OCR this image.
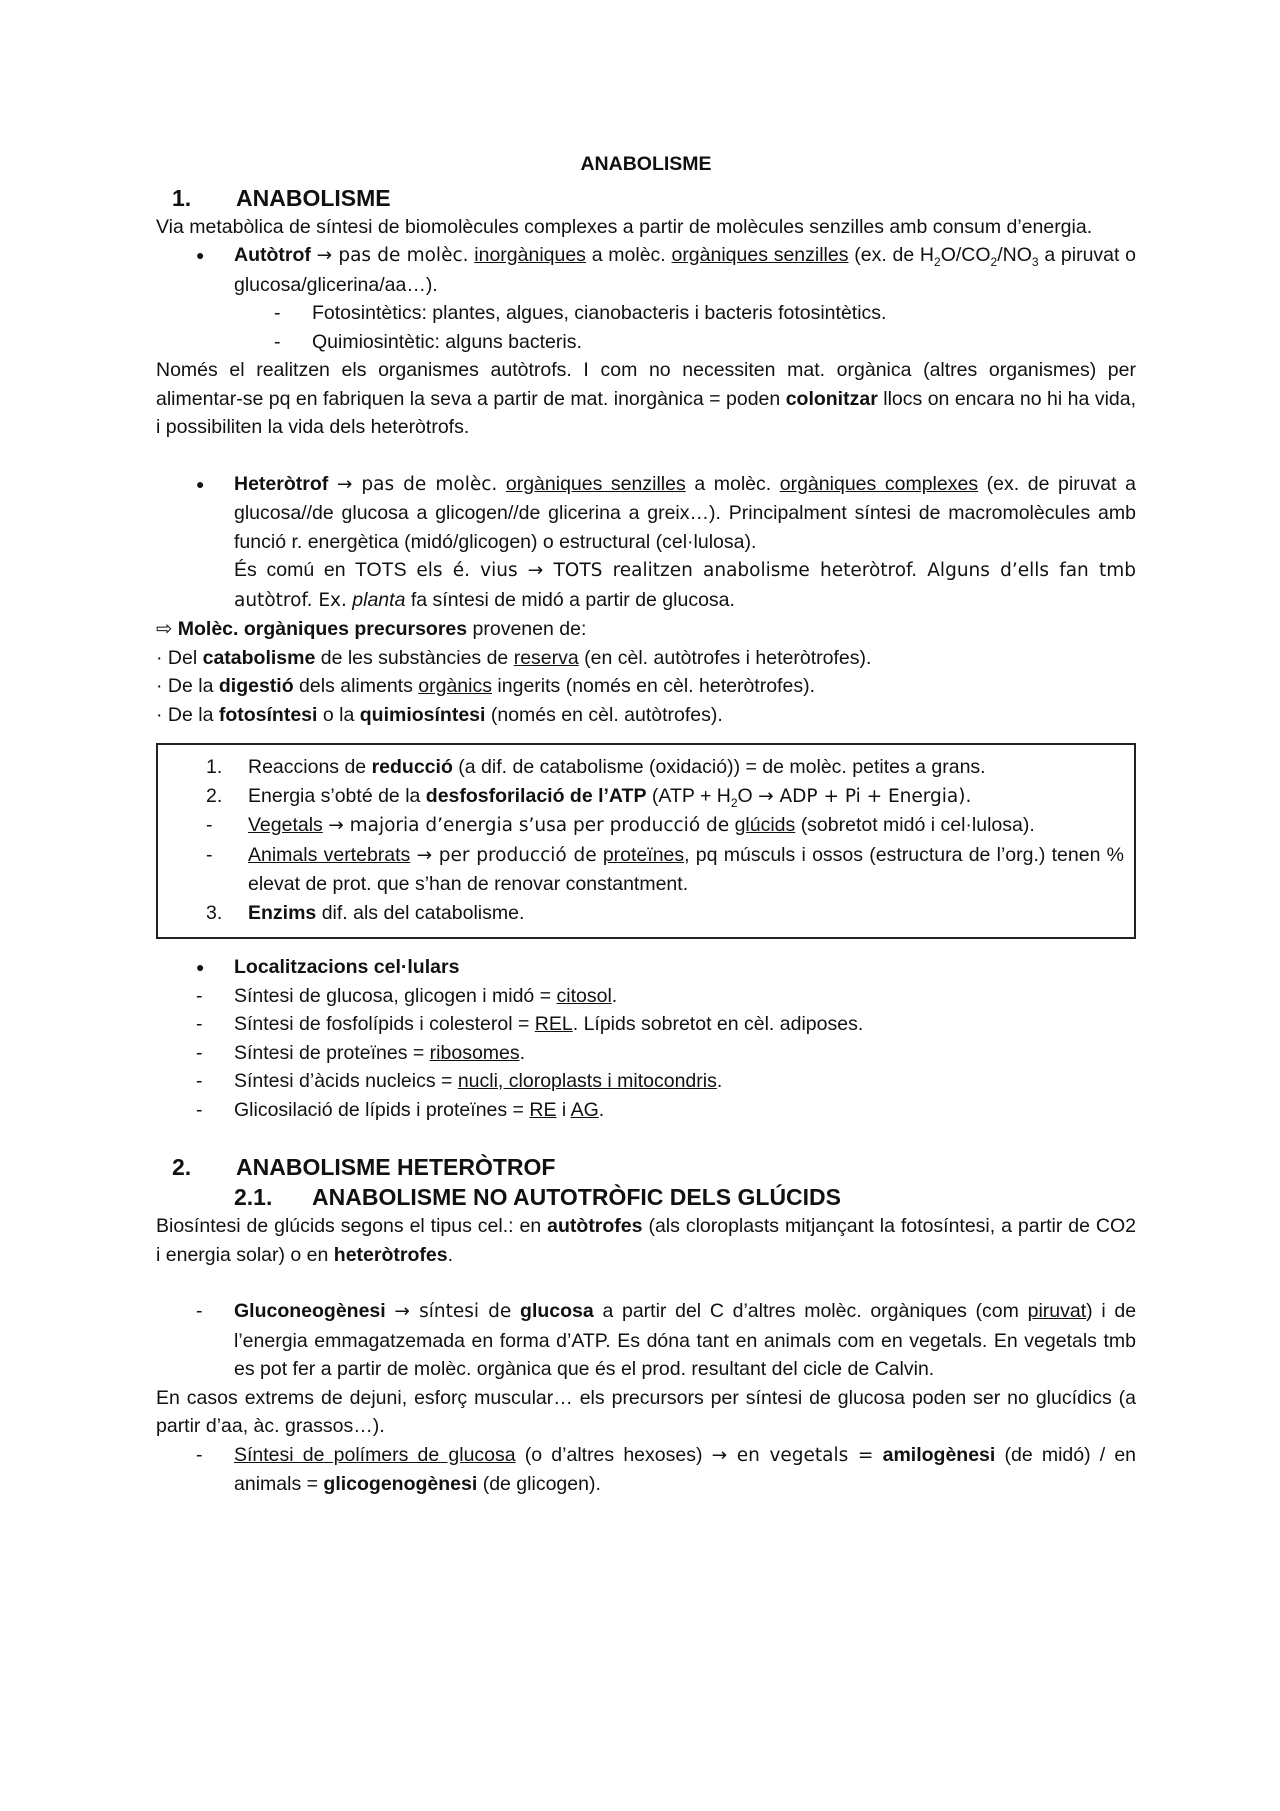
ANABOLISME
1. ANABOLISME

Via metabòlica de síntesi de biomolècules complexes a partir de molècules senzilles amb consum d’energia.

● Autòtrof → pas de molèc. inorgàniques a molèc. orgàniques senzilles (ex. de $H_2O/CO_2/NO_3$ a piruvat o glucosa/glicerina/aa…).
- Fotosintètics: plantes, algues, cianobacteris i bacteris fotosintètics.
- Quimiosintètic: alguns bacteris.

Només el realitzen els organismes autòtrofs. I com no necessiten mat. orgànica (altres organismes) per alimentar-se pq en fabriquen la seva a partir de mat. inorgànica = poden colonitzar llocs on encara no hi ha vida, i possibiliten la vida dels heteròtrofs.

● Heteròtrof → pas de molèc. orgàniques senzilles a molèc. orgàniques complexes (ex. de piruvat a glucosa//de glucosa a glicogen//de glicerina a greix…). Principalment síntesi de macromolècules amb funció r. energètica (midó/glicogen) o estructural (cel·lulosa).
És comú en TOTS els é. vius → TOTS realitzen anabolisme heteròtrof. Alguns d’ells fan tmb autòtrof. Ex. planta fa síntesi de midó a partir de glucosa.

⇨ Molèc. orgàniques precursores provenen de:

· Del catabolisme de les substàncies de reserva (en cèl. autòtrofes i heteròtrofes).

· De la digestió dels aliments orgànics ingerits (només en cèl. heteròtrofes).

· De la fotosíntesi o la quimiosíntesi (només en cèl. autòtrofes).

1. Reaccions de reducció (a dif. de catabolisme (oxidació)) = de molèc. petites a grans.
2. Energia s’obté de la desfosforilació de l’ATP ($ATP + H_2O$ → ADP + Pi + Energia).
- Vegetals → majoria d’energia s’usa per producció de glúcids (sobretot midó i cel·lulosa).
- Animals vertebrats → per producció de proteïnes, pq músculs i ossos (estructura de l’org.) tenen % elevat de prot. que s’han de renovar constantment.
3. Enzims dif. als del catabolisme.
● Localitzacions cel·lulars
- Síntesi de glucosa, glicogen i midó = citosol.
- Síntesi de fosfolípids i colesterol = REL. Lípids sobretot en cèl. adiposes.
- Síntesi de proteïnes = ribosomes.
- Síntesi d’àcids nucleics = nucli, cloroplasts i mitocondris.
- Glicosilació de lípids i proteïnes = RE i AG.
2. ANABOLISME HETERÒTROF
2.1. ANABOLISME NO AUTOTRÒFIC DELS GLÚCIDS

Biosíntesi de glúcids segons el tipus cel.: en autòtrofes (als cloroplasts mitjançant la fotosíntesi, a partir de CO2 i energia solar) o en heteròtrofes.

- Gluconeogènesi → síntesi de glucosa a partir del C d’altres molèc. orgàniques (com piruvat) i de l’energia emmagatzemada en forma d’ATP. Es dóna tant en animals com en vegetals. En vegetals tmb es pot fer a partir de molèc. orgànica que és el prod. resultant del cicle de Calvin.

En casos extrems de dejuni, esforç muscular… els precursors per síntesi de glucosa poden ser no glucídics (a partir d’aa, àc. grassos…).

- Síntesi de polímers de glucosa (o d’altres hexoses) → en vegetals = amilogènesi (de midó) / en animals = glicogenogènesi (de glicogen).
